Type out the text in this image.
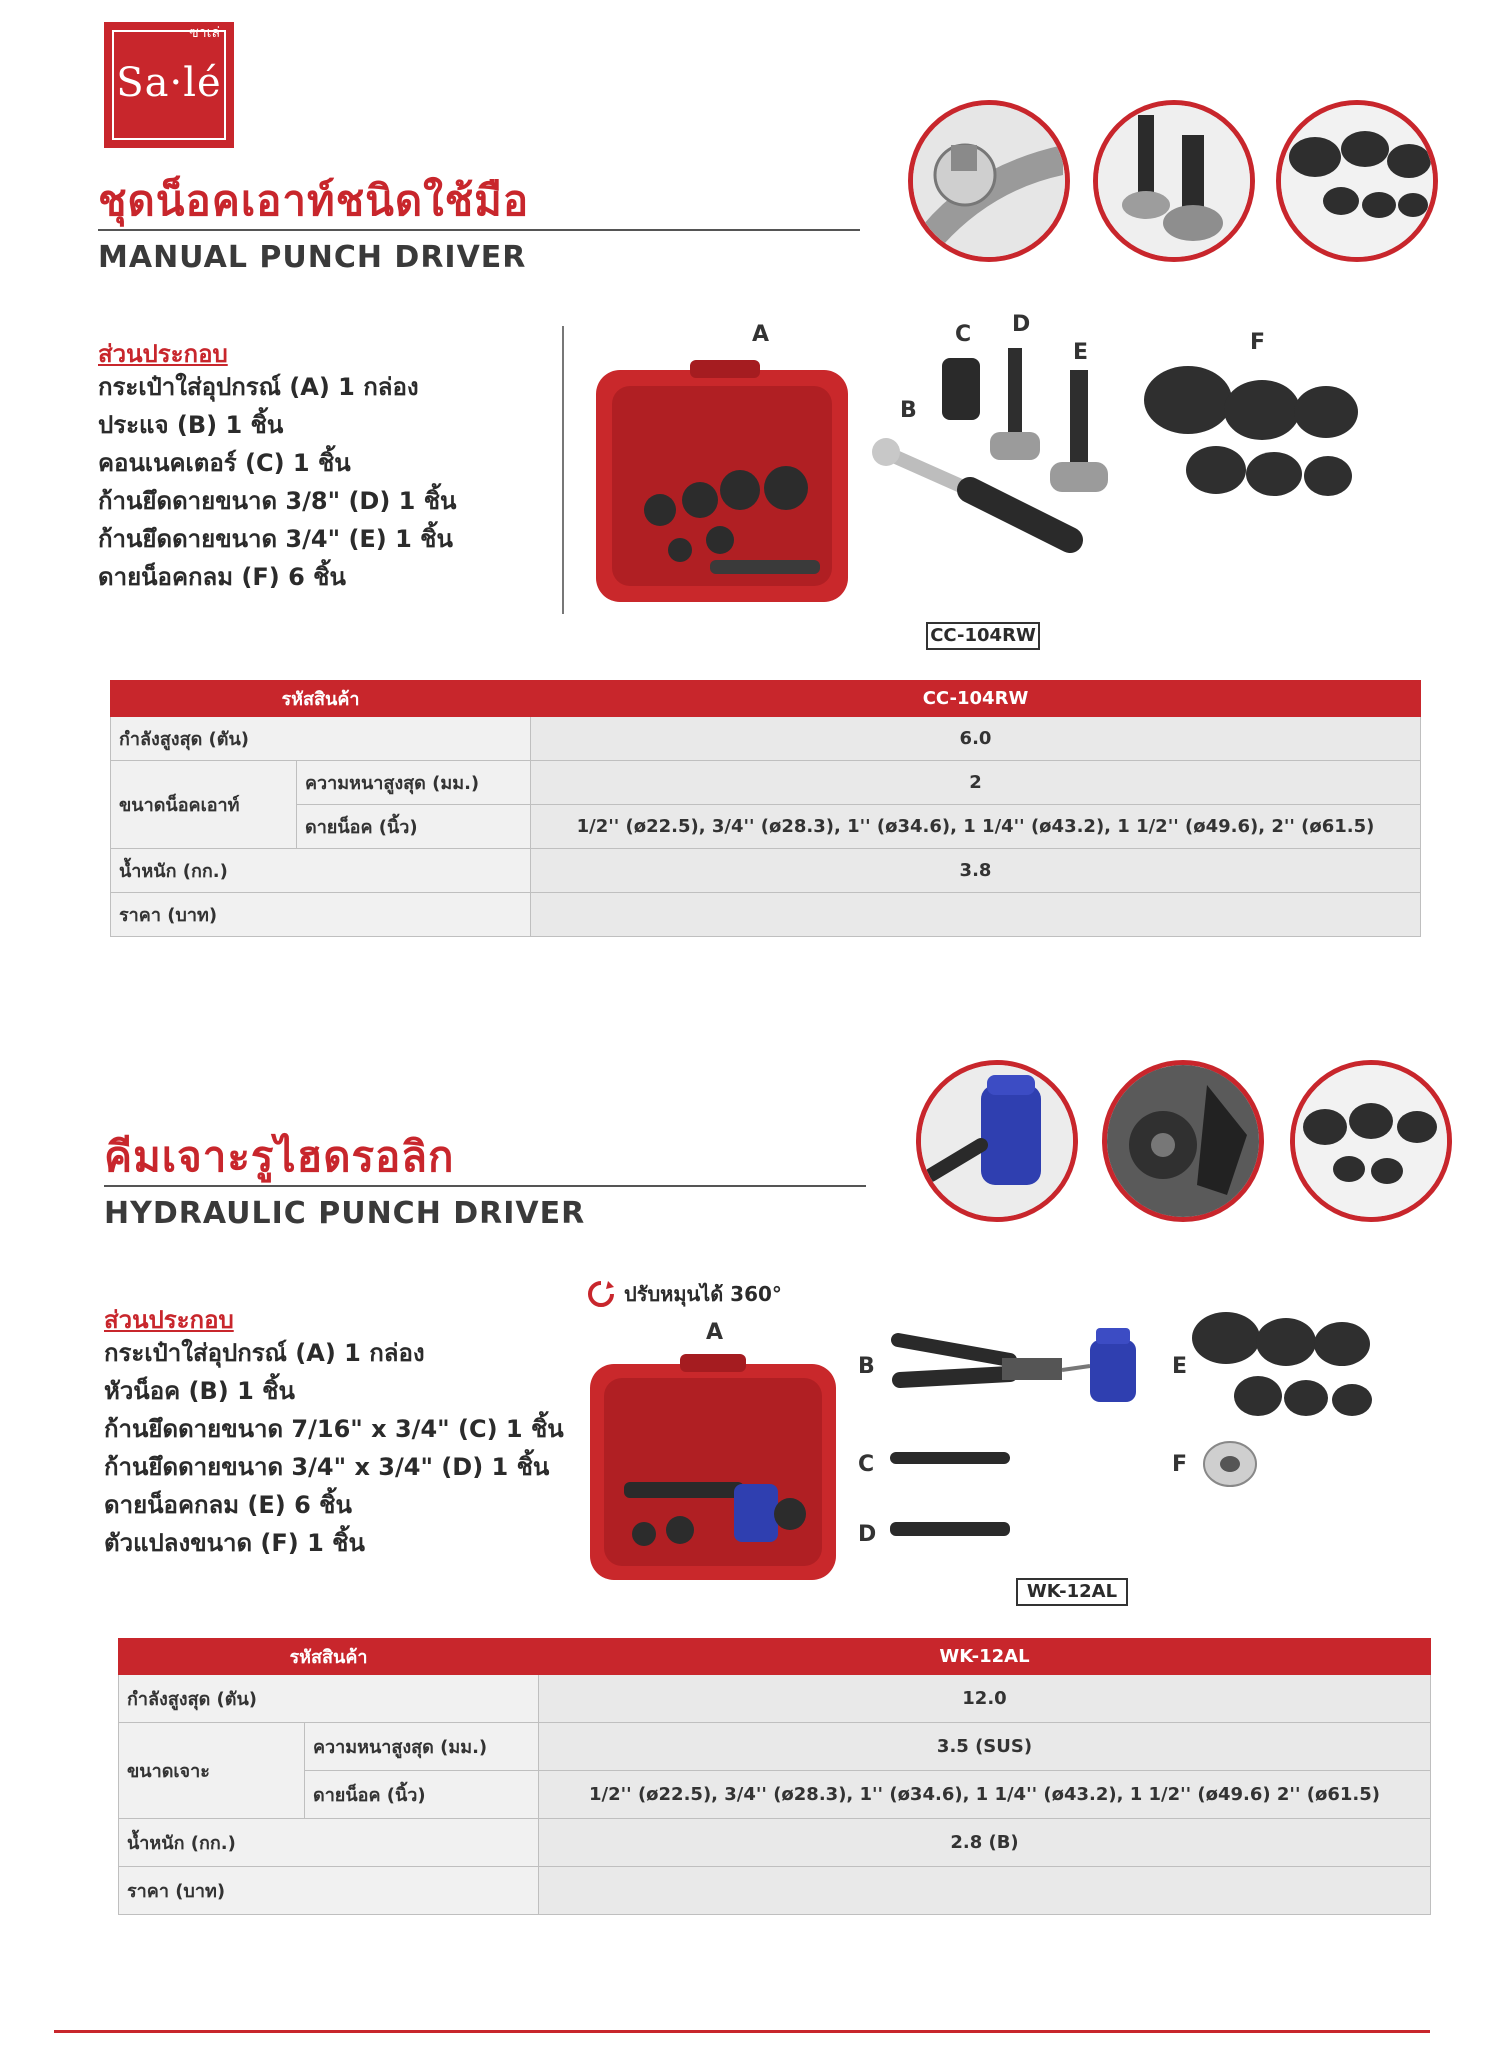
ซาเล่
Sa·lé
ชุดน็อคเอาท์ชนิดใช้มือ
MANUAL PUNCH DRIVER
ส่วนประกอบ
กระเป๋าใส่อุปกรณ์ (A) 1 กล่อง
ประแจ (B) 1 ชิ้น
คอนเนคเตอร์ (C) 1 ชิ้น
ก้านยึดดายขนาด 3/8" (D) 1 ชิ้น
ก้านยึดดายขนาด 3/4" (E) 1 ชิ้น
ดายน็อคกลม (F) 6 ชิ้น
A
B
C D
E	F
CC-104RW
รหัสสินค้า		CC-104RW
กำลังสูงสุด (ตัน)		6.0
ขนาดน็อคเอาท์	ความหนาสูงสุด (มม.)	2
	ดายน็อค (นิ้ว)	1/2'' (ø22.5), 3/4'' (ø28.3), 1'' (ø34.6), 1 1/4'' (ø43.2), 1 1/2'' (ø49.6), 2'' (ø61.5)
น้ำหนัก (กก.)		3.8
ราคา (บาท)		
คีมเจาะรูไฮดรอลิก
HYDRAULIC PUNCH DRIVER
ส่วนประกอบ
กระเป๋าใส่อุปกรณ์ (A) 1 กล่อง
หัวน็อค (B) 1 ชิ้น
ก้านยึดดายขนาด 7/16" x 3/4" (C) 1 ชิ้น
ก้านยึดดายขนาด 3/4" x 3/4" (D) 1 ชิ้น
ดายน็อคกลม (E) 6 ชิ้น
ตัวแปลงขนาด (F) 1 ชิ้น
ปรับหมุนได้ 360°
A
B
C
D
E
F
WK-12AL
รหัสสินค้า		WK-12AL
กำลังสูงสุด (ตัน)		12.0
ขนาดเจาะ	ความหนาสูงสุด (มม.)	3.5 (SUS)
	ดายน็อค (นิ้ว)	1/2'' (ø22.5), 3/4'' (ø28.3), 1'' (ø34.6), 1 1/4'' (ø43.2), 1 1/2'' (ø49.6) 2'' (ø61.5)
น้ำหนัก (กก.)		2.8 (B)
ราคา (บาท)		
